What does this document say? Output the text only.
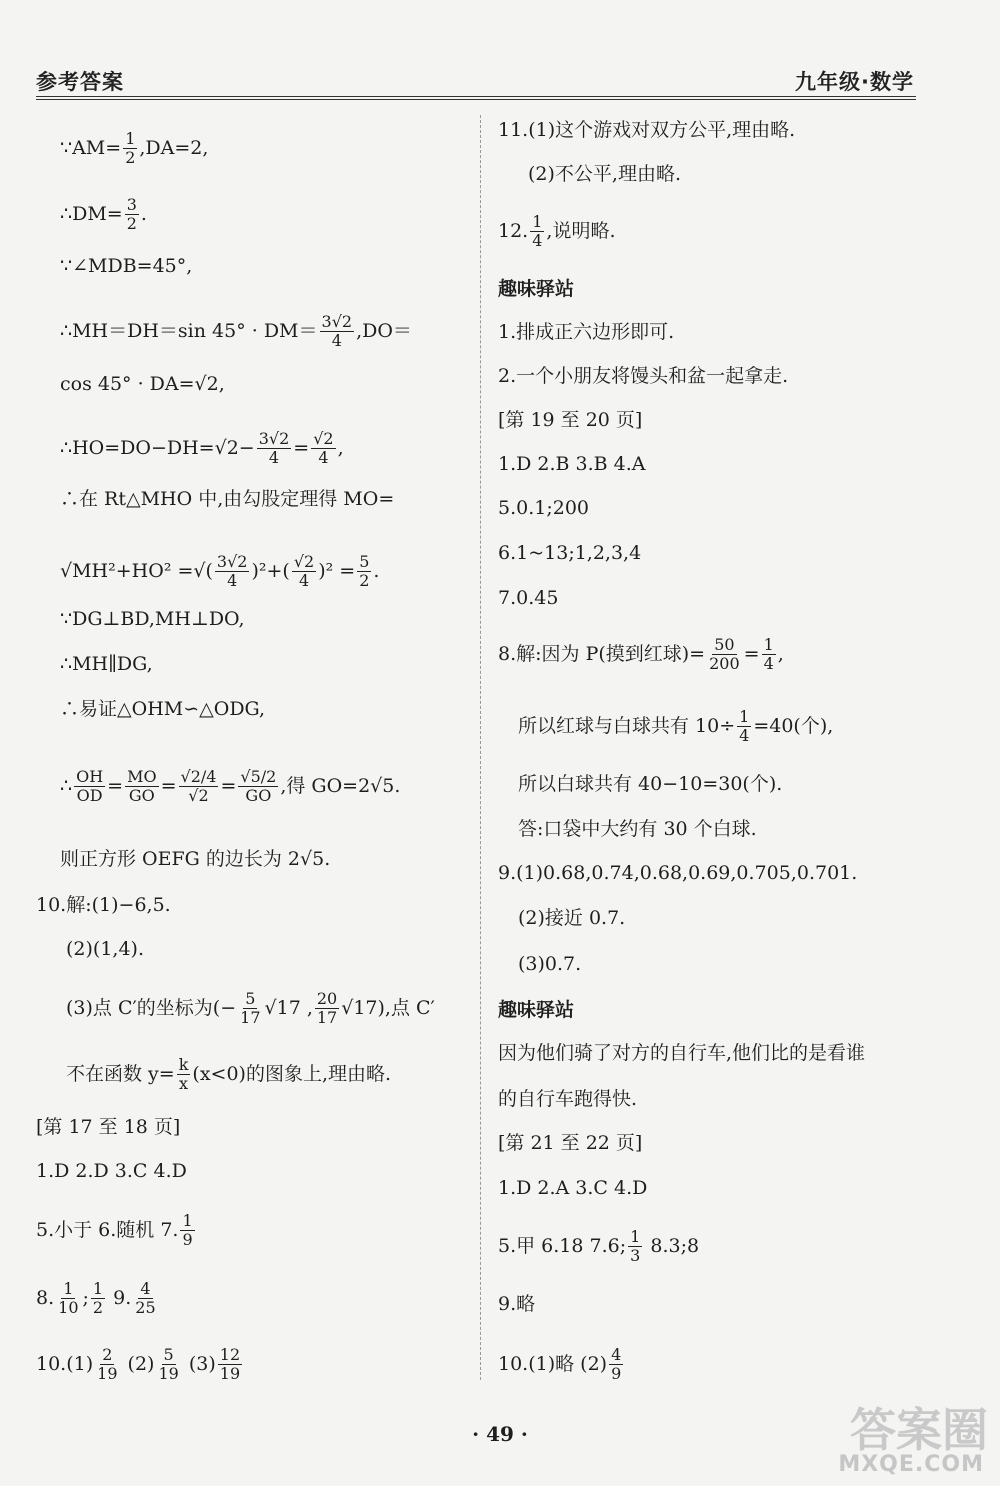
参考答案	九年级·数学
∵AM= $\frac{1}{2} ,DA=2$,
∴DM= $\frac{3}{2}$ .
∵∠MDB=45°,
∴MH＝DH＝sin $45^\circ \cdot DM= \frac{3√2}{4} ,DO=$
cos 45° · DA=√2,
∴HO=DO−DH=√2− $\frac{3√2}{4} = \frac{√2}{4}$ ,
∴在 Rt△MHO 中,由勾股定理得 MO=
√MH²+HO² =√( $\frac{3√2}{4} )^2+( \frac{√2}{4} )^2 = \frac{5}{2}$ .
∵DG⊥BD,MH⊥DO,
∴MH∥DG,
∴易证△OHM∽△ODG,
∴ $\frac{OH}{OD} = \frac{MO}{GO} = \frac{√2/4}{√2} = \frac{√5/2}{GO}$ ,得 GO=2√5.
则正方形 OEFG 的边长为 2√5.
10.解:(1)−6,5.
(2)(1,4).
(3)点 C′的坐标为(− $\frac{5}{17} √17$ , $\frac{20}{17} √17$),点 C′
不在函数 $y= \frac{k}{x} (x<0)$的图象上,理由略.
[第 17 至 18 页]
1.D 2.D 3.C 4.D
5.小于 6.随机 7. $\frac{1}{9}$
8. $\frac{1}{10}$ ; $\frac{1}{2} 9$. $\frac{4}{25}$
$10.(1) \frac{2}{19} (2) \frac{5}{19} (3) \frac{12}{19}$
11.(1)这个游戏对双方公平,理由略.
(2)不公平,理由略.
12. $\frac{1}{4}$ ,说明略.
趣味驿站
1.排成正六边形即可.
2.一个小朋友将馒头和盆一起拿走.
[第 19 至 20 页]
1.D 2.B 3.B 4.A
5.0.1;200
6.1~13;1,2,3,4
7.0.45
8.解:因为 P(摸到红球)= $\frac{50}{200} = \frac{1}{4}$ ,
所以红球与白球共有 $10\div \frac{1}{4} =40$(个),
所以白球共有 40−10=30(个).
答:口袋中大约有 30 个白球.
9.(1)0.68,0.74,0.68,0.69,0.705,0.701.
(2)接近 0.7.
(3)0.7.
趣味驿站
因为他们骑了对方的自行车,他们比的是看谁
的自行车跑得快.
[第 21 至 22 页]
1.D 2.A 3.C 4.D
5.甲 6.18 7.6; $\frac{1}{3}$ 8.3;8
9.略
10.(1)略 $(2) \frac{4}{9}$
· 49 ·	答案圈
MXQE.COM
